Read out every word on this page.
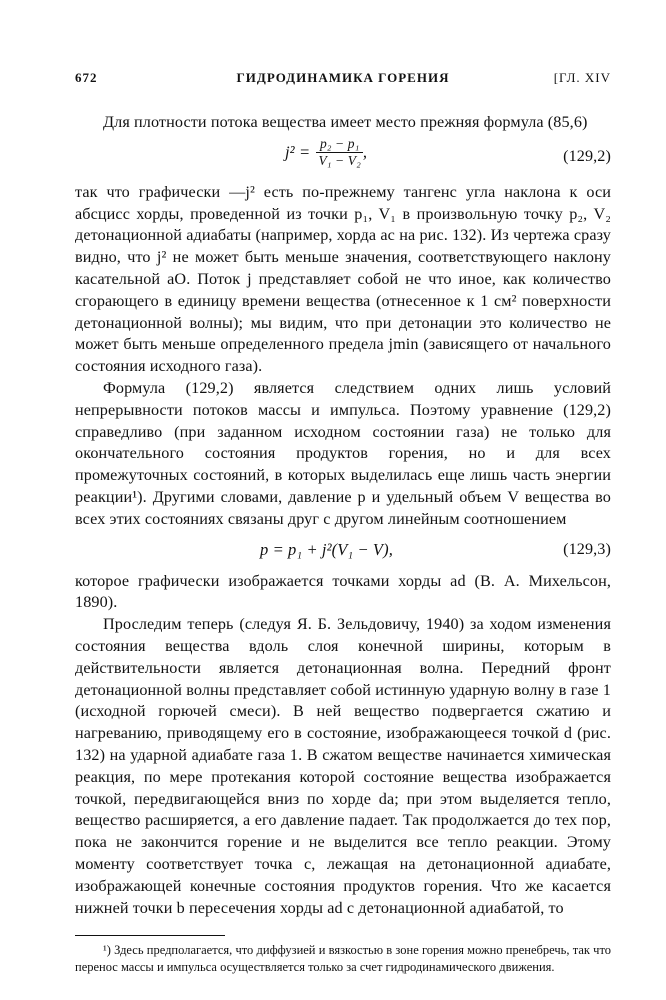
672	ГИДРОДИНАМИКА ГОРЕНИЯ	[ГЛ. XIV

Для плотности потока вещества имеет место прежняя формула (85,6)

$j^2 = \frac{\text{p₂ − p₁}}{\text{V₁ − V₂}}$ ,	(129,2)

так что графически —j² есть по-прежнему тангенс угла наклона к оси абсцисс хорды, проведенной из точки p₁, V₁ в произвольную точку p₂, V₂ детонационной адиабаты (например, хорда ac на рис. 132). Из чертежа сразу видно, что j² не может быть меньше значения, соответствующего наклону касательной aO. Поток j представляет собой не что иное, как количество сгорающего в единицу времени вещества (отнесенное к 1 см² поверхности детонационной волны); мы видим, что при детонации это количество не может быть меньше определенного предела jmin (зависящего от начального состояния исходного газа).

Формула (129,2) является следствием одних лишь условий непрерывности потоков массы и импульса. Поэтому уравнение (129,2) справедливо (при заданном исходном состоянии газа) не только для окончательного состояния продуктов горения, но и для всех промежуточных состояний, в которых выделилась еще лишь часть энергии реакции¹). Другими словами, давление p и удельный объем V вещества во всех этих состояниях связаны друг с другом линейным соотношением

p = p₁ + j²(V₁ − V),	(129,3)

которое графически изображается точками хорды ad (В. А. Михельсон, 1890).

Проследим теперь (следуя Я. Б. Зельдовичу, 1940) за ходом изменения состояния вещества вдоль слоя конечной ширины, которым в действительности является детонационная волна. Передний фронт детонационной волны представляет собой истинную ударную волну в газе 1 (исходной горючей смеси). В ней вещество подвергается сжатию и нагреванию, приводящему его в состояние, изображающееся точкой d (рис. 132) на ударной адиабате газа 1. В сжатом веществе начинается химическая реакция, по мере протекания которой состояние вещества изображается точкой, передвигающейся вниз по хорде da; при этом выделяется тепло, вещество расширяется, а его давление падает. Так продолжается до тех пор, пока не закончится горение и не выделится все тепло реакции. Этому моменту соответствует точка c, лежащая на детонационной адиабате, изображающей конечные состояния продуктов горения. Что же касается нижней точки b пересечения хорды ad с детонационной адиабатой, то

¹) Здесь предполагается, что диффузией и вязкостью в зоне горения можно пренебречь, так что перенос массы и импульса осуществляется только за счет гидродинамического движения.
